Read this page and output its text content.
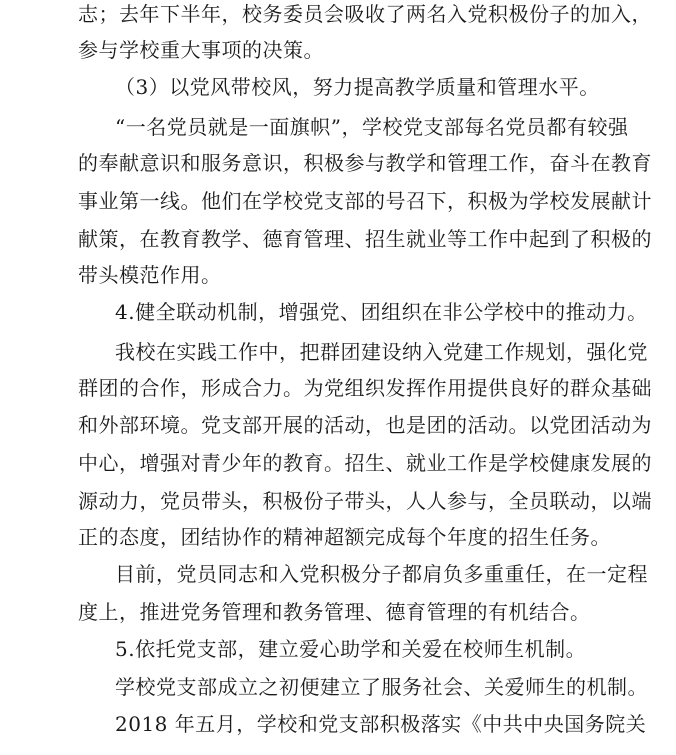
志；去年下半年，校务委员会吸收了两名入党积极份子的加入，
参与学校重大事项的决策。
（3）以党风带校风，努力提高教学质量和管理水平。
“一名党员就是一面旗帜”，学校党支部每名党员都有较强
的奉献意识和服务意识，积极参与教学和管理工作，奋斗在教育
事业第一线。他们在学校党支部的号召下，积极为学校发展献计
献策，在教育教学、德育管理、招生就业等工作中起到了积极的
带头模范作用。
4.健全联动机制，增强党、团组织在非公学校中的推动力。
我校在实践工作中，把群团建设纳入党建工作规划，强化党
群团的合作，形成合力。为党组织发挥作用提供良好的群众基础
和外部环境。党支部开展的活动，也是团的活动。以党团活动为
中心，增强对青少年的教育。招生、就业工作是学校健康发展的
源动力，党员带头，积极份子带头，人人参与，全员联动，以端
正的态度，团结协作的精神超额完成每个年度的招生任务。
目前，党员同志和入党积极分子都肩负多重重任，在一定程
度上，推进党务管理和教务管理、德育管理的有机结合。
5.依托党支部，建立爱心助学和关爱在校师生机制。
学校党支部成立之初便建立了服务社会、关爱师生的机制。
2018 年五月，学校和党支部积极落实《中共中央国务院关
